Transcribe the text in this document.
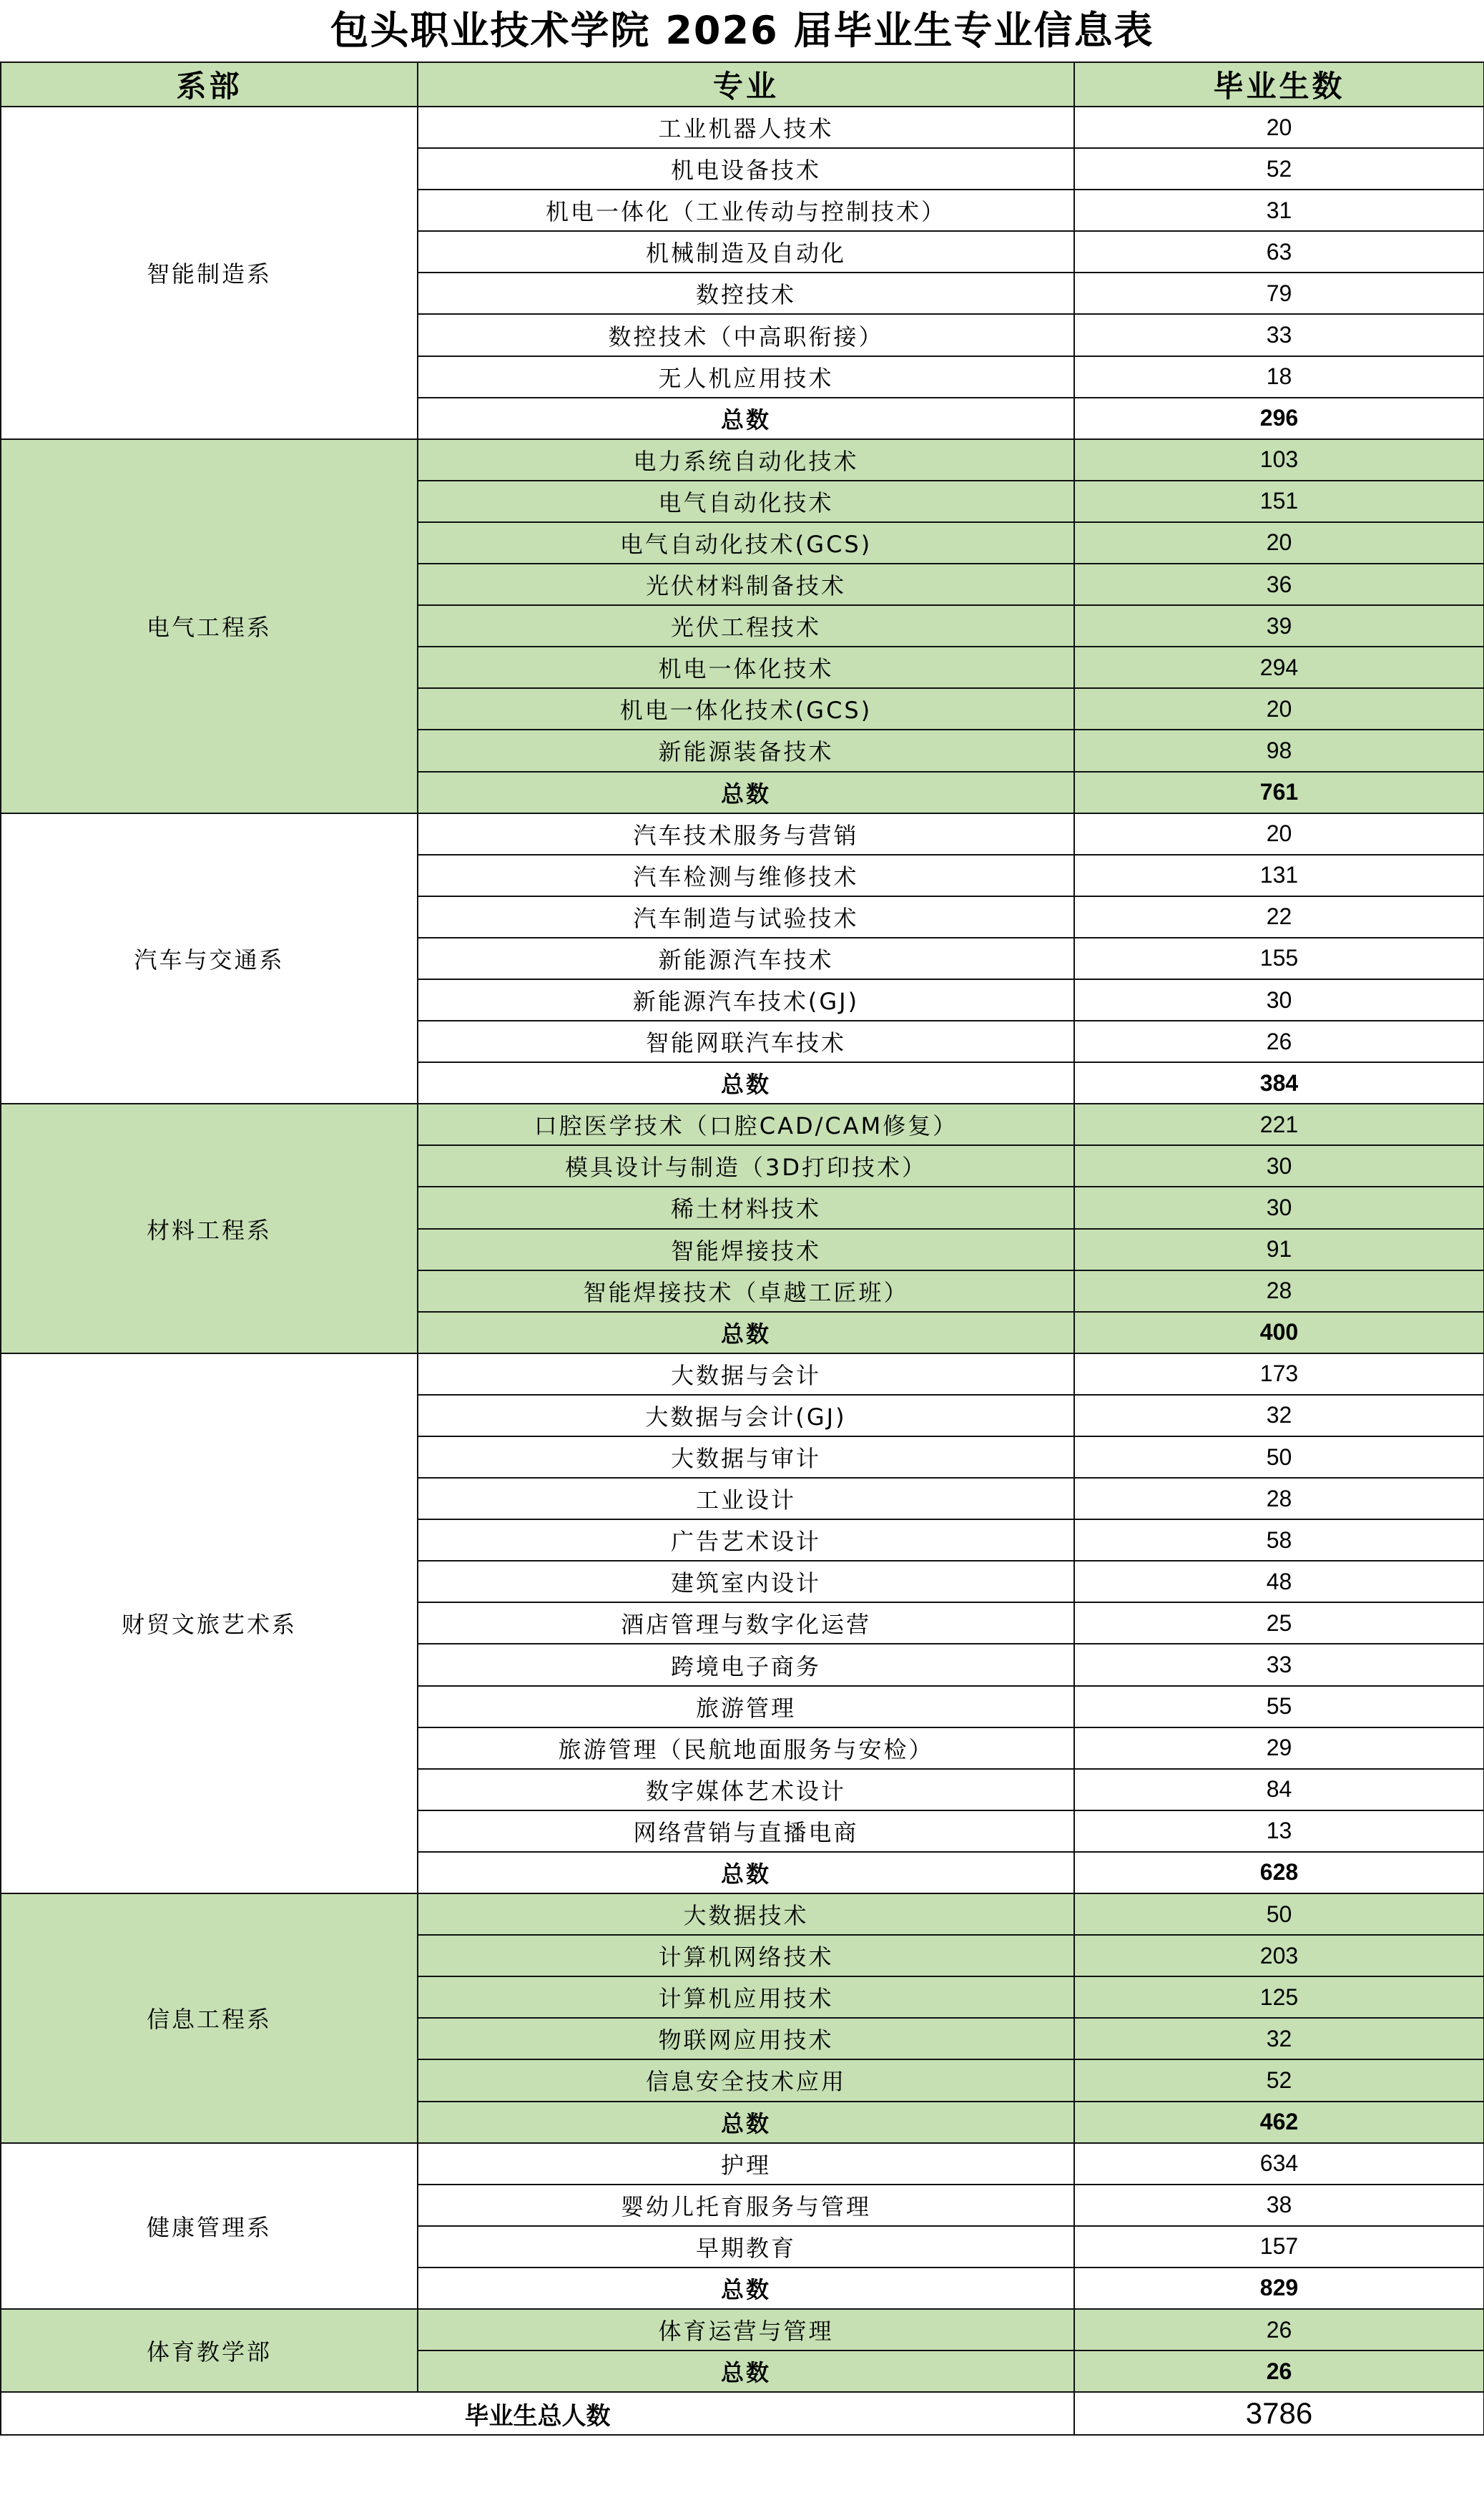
包头职业技术学院 2026 届毕业生专业信息表
系部	专业	毕业生数
智能制造系	工业机器人技术	20
	机电设备技术	52
	机电一体化（工业传动与控制技术）	31
	机械制造及自动化	63
	数控技术	79
	数控技术（中高职衔接）	33
	无人机应用技术	18
	总数	296
电气工程系	电力系统自动化技术	103
	电气自动化技术	151
	电气自动化技术(GCS)	20
	光伏材料制备技术	36
	光伏工程技术	39
	机电一体化技术	294
	机电一体化技术(GCS)	20
	新能源装备技术	98
	总数	761
汽车与交通系	汽车技术服务与营销	20
	汽车检测与维修技术	131
	汽车制造与试验技术	22
	新能源汽车技术	155
	新能源汽车技术(GJ)	30
	智能网联汽车技术	26
	总数	384
材料工程系	口腔医学技术（口腔CAD/CAM修复）	221
	模具设计与制造（3D打印技术）	30
	稀土材料技术	30
	智能焊接技术	91
	智能焊接技术（卓越工匠班）	28
	总数	400
财贸文旅艺术系	大数据与会计	173
	大数据与会计(GJ)	32
	大数据与审计	50
	工业设计	28
	广告艺术设计	58
	建筑室内设计	48
	酒店管理与数字化运营	25
	跨境电子商务	33
	旅游管理	55
	旅游管理（民航地面服务与安检）	29
	数字媒体艺术设计	84
	网络营销与直播电商	13
	总数	628
信息工程系	大数据技术	50
	计算机网络技术	203
	计算机应用技术	125
	物联网应用技术	32
	信息安全技术应用	52
	总数	462
健康管理系	护理	634
	婴幼儿托育服务与管理	38
	早期教育	157
	总数	829
体育教学部	体育运营与管理	26
	总数	26
毕业生总人数		3786
